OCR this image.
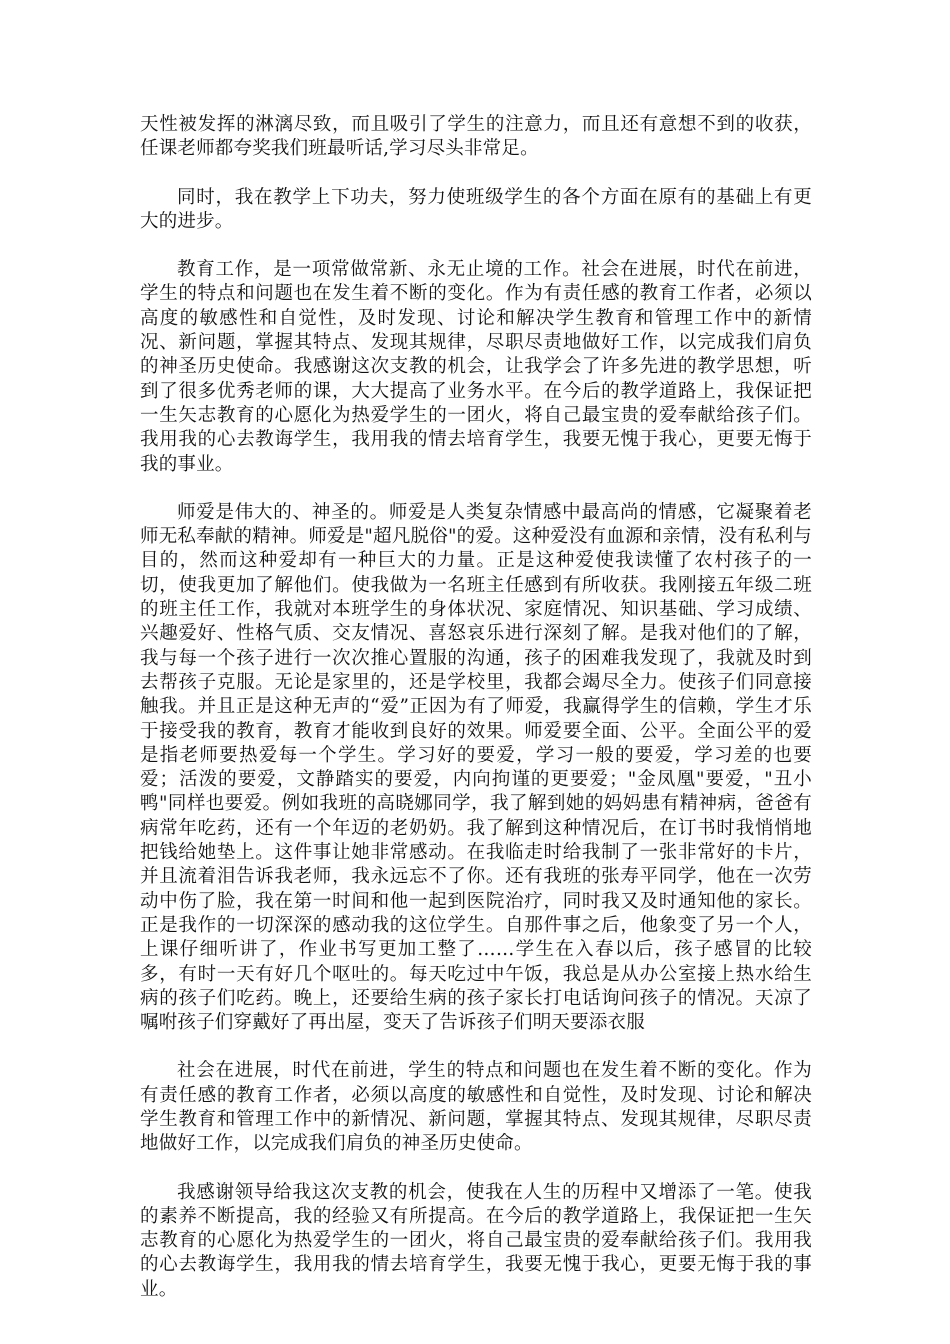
天性被发挥的淋漓尽致，而且吸引了学生的注意力，而且还有意想不到的收获，任课老师都夸奖我们班最听话,学习尽头非常足。

同时，我在教学上下功夫，努力使班级学生的各个方面在原有的基础上有更大的进步。

教育工作，是一项常做常新、永无止境的工作。社会在进展，时代在前进，学生的特点和问题也在发生着不断的变化。作为有责任感的教育工作者，必须以高度的敏感性和自觉性，及时发现、讨论和解决学生教育和管理工作中的新情况、新问题，掌握其特点、发现其规律，尽职尽责地做好工作，以完成我们肩负的神圣历史使命。我感谢这次支教的机会，让我学会了许多先进的教学思想，听到了很多优秀老师的课，大大提高了业务水平。在今后的教学道路上，我保证把一生矢志教育的心愿化为热爱学生的一团火，将自己最宝贵的爱奉献给孩子们。我用我的心去教诲学生，我用我的情去培育学生，我要无愧于我心，更要无悔于我的事业。

师爱是伟大的、神圣的。师爱是人类复杂情感中最高尚的情感，它凝聚着老师无私奉献的精神。师爱是"超凡脱俗"的爱。这种爱没有血源和亲情，没有私利与目的，然而这种爱却有一种巨大的力量。正是这种爱使我读懂了农村孩子的一切，使我更加了解他们。使我做为一名班主任感到有所收获。我刚接五年级二班的班主任工作，我就对本班学生的身体状况、家庭情况、知识基础、学习成绩、兴趣爱好、性格气质、交友情况、喜怒哀乐进行深刻了解。是我对他们的了解，我与每一个孩子进行一次次推心置服的沟通，孩子的困难我发现了，我就及时到去帮孩子克服。无论是家里的，还是学校里，我都会竭尽全力。使孩子们同意接触我。并且正是这种无声的“爱”正因为有了师爱，我赢得学生的信赖，学生才乐于接受我的教育，教育才能收到良好的效果。师爱要全面、公平。全面公平的爱是指老师要热爱每一个学生。学习好的要爱，学习一般的要爱，学习差的也要爱；活泼的要爱，文静踏实的要爱，内向拘谨的更要爱；"金凤凰"要爱，"丑小鸭"同样也要爱。例如我班的高晓娜同学，我了解到她的妈妈患有精神病，爸爸有病常年吃药，还有一个年迈的老奶奶。我了解到这种情况后，在订书时我悄悄地把钱给她垫上。这件事让她非常感动。在我临走时给我制了一张非常好的卡片，并且流着泪告诉我老师，我永远忘不了你。还有我班的张寿平同学，他在一次劳动中伤了脸，我在第一时间和他一起到医院治疗，同时我又及时通知他的家长。正是我作的一切深深的感动我的这位学生。自那件事之后，他象变了另一个人，上课仔细听讲了，作业书写更加工整了……学生在入春以后，孩子感冒的比较多，有时一天有好几个呕吐的。每天吃过中午饭，我总是从办公室接上热水给生病的孩子们吃药。晚上，还要给生病的孩子家长打电话询问孩子的情况。天凉了嘱咐孩子们穿戴好了再出屋，变天了告诉孩子们明天要添衣服

社会在进展，时代在前进，学生的特点和问题也在发生着不断的变化。作为有责任感的教育工作者，必须以高度的敏感性和自觉性，及时发现、讨论和解决学生教育和管理工作中的新情况、新问题，掌握其特点、发现其规律，尽职尽责地做好工作，以完成我们肩负的神圣历史使命。

我感谢领导给我这次支教的机会，使我在人生的历程中又增添了一笔。使我的素养不断提高，我的经验又有所提高。在今后的教学道路上，我保证把一生矢志教育的心愿化为热爱学生的一团火，将自己最宝贵的爱奉献给孩子们。我用我的心去教诲学生，我用我的情去培育学生，我要无愧于我心，更要无悔于我的事业。
